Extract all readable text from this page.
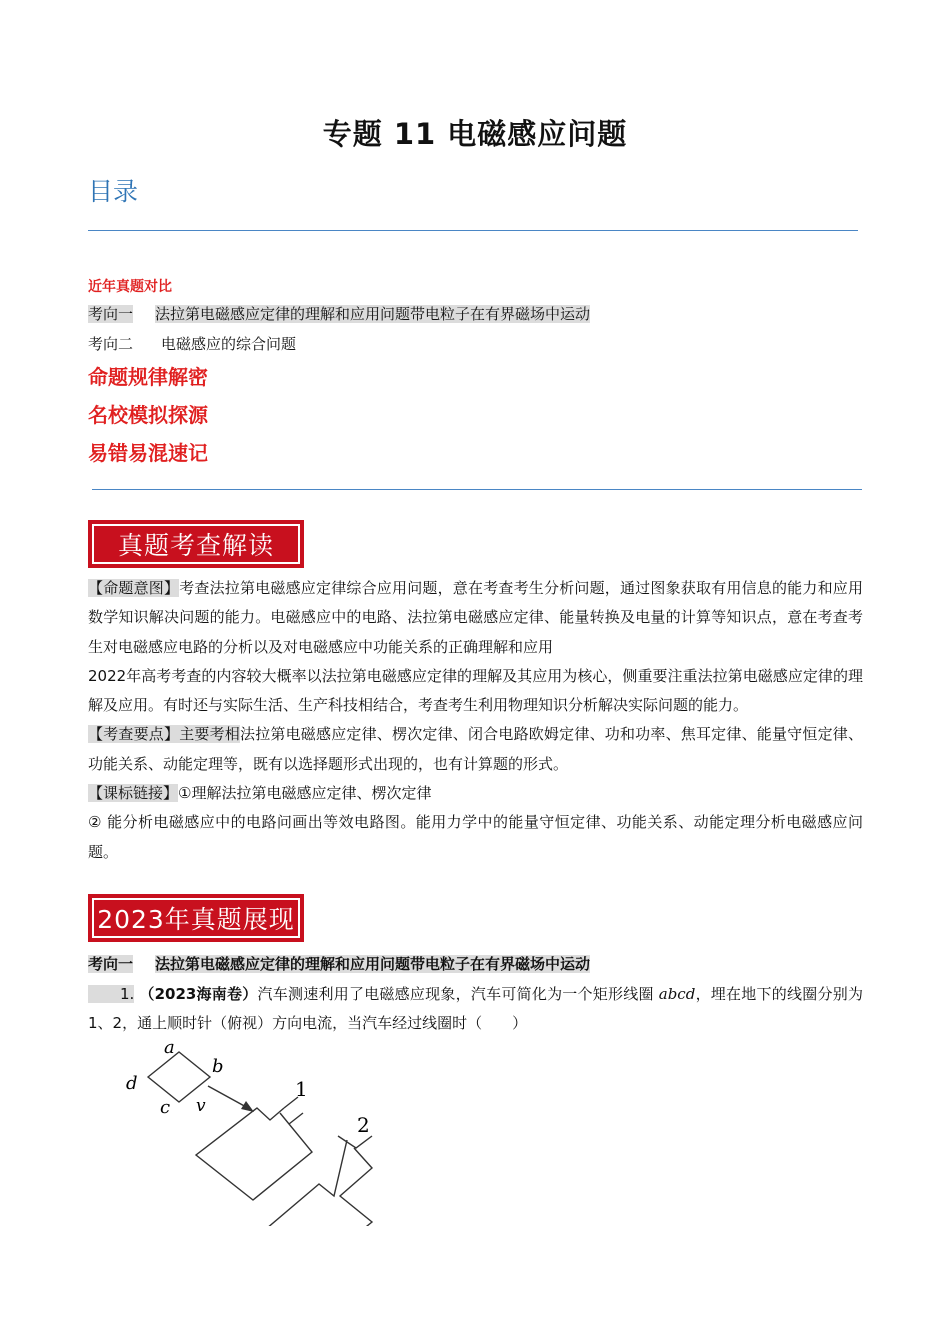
专题 11 电磁感应问题
目录
近年真题对比
考向一 法拉第电磁感应定律的理解和应用问题带电粒子在有界磁场中运动
考向二 电磁感应的综合问题
命题规律解密
名校模拟探源
易错易混速记
真题考查解读

【命题意图】考查法拉第电磁感应定律综合应用问题，意在考查考生分析问题，通过图象获取有用信息的能力和应用数学知识解决问题的能力。电磁感应中的电路、法拉第电磁感应定律、能量转换及电量的计算等知识点，意在考查考生对电磁感应电路的分析以及对电磁感应中功能关系的正确理解和应用

2022年高考考查的内容较大概率以法拉第电磁感应定律的理解及其应用为核心，侧重要注重法拉第电磁感应定律的理解及应用。有时还与实际生活、生产科技相结合，考查考生利用物理知识分析解决实际问题的能力。

【考查要点】主要考相法拉第电磁感应定律、楞次定律、闭合电路欧姆定律、功和功率、焦耳定律、能量守恒定律、功能关系、动能定理等，既有以选择题形式出现的，也有计算题的形式。

【课标链接】①理解法拉第电磁感应定律、楞次定律

② 能分析电磁感应中的电路问画出等效电路图。能用力学中的能量守恒定律、功能关系、动能定理分析电磁感应问题。

2023年真题展现
考向一 法拉第电磁感应定律的理解和应用问题带电粒子在有界磁场中运动
1. （2023海南卷）汽车测速利用了电磁感应现象，汽车可简化为一个矩形线圈 abcd，埋在地下的线圈分别为1、2，通上顺时针（俯视）方向电流，当汽车经过线圈时（　　）
a
b
d
c v
1
2
